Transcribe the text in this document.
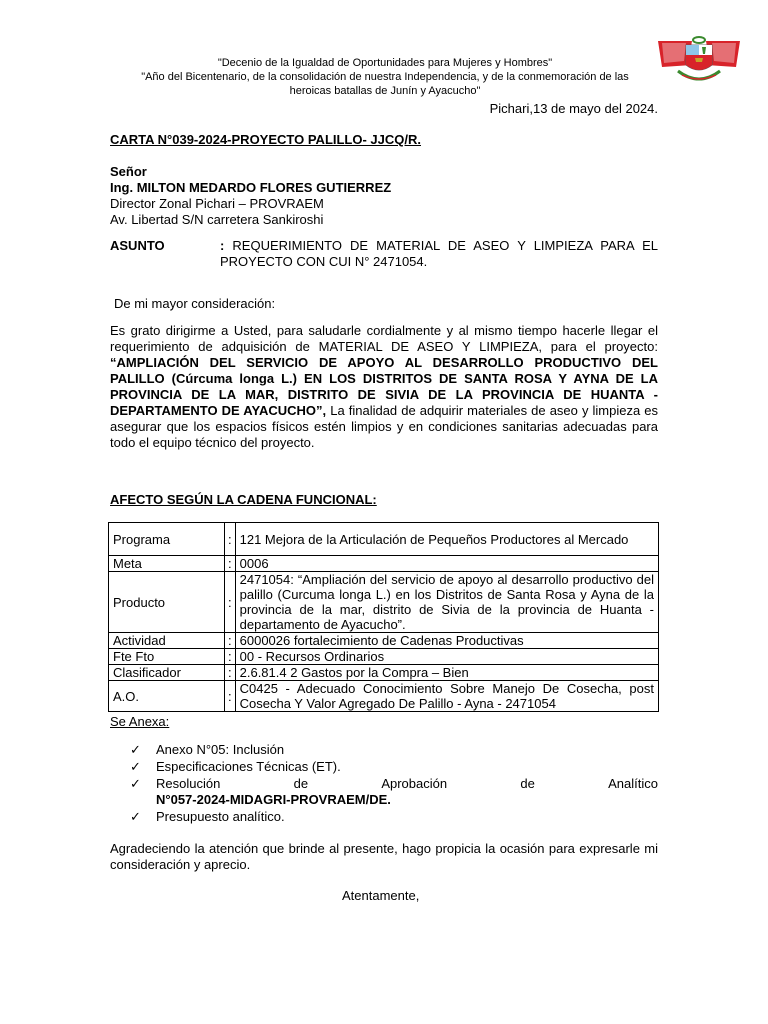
"Decenio de la Igualdad de Oportunidades para Mujeres y Hombres"
"Año del Bicentenario, de la consolidación de nuestra Independencia, y de la conmemoración de las
heroicas batallas de Junín y Ayacucho"
Pichari,13 de mayo del 2024.
CARTA N°039-2024-PROYECTO PALILLO- JJCQ/R.
Señor
Ing. MILTON MEDARDO FLORES GUTIERREZ
Director Zonal Pichari – PROVRAEM
Av. Libertad S/N carretera Sankiroshi
ASUNTO	: REQUERIMIENTO DE MATERIAL DE ASEO Y LIMPIEZA PARA EL PROYECTO CON CUI N° 2471054.
De mi mayor consideración:
Es grato dirigirme a Usted, para saludarle cordialmente y al mismo tiempo hacerle llegar el requerimiento de adquisición de MATERIAL DE ASEO Y LIMPIEZA, para el proyecto: “AMPLIACIÓN DEL SERVICIO DE APOYO AL DESARROLLO PRODUCTIVO DEL PALILLO (Cúrcuma longa L.) EN LOS DISTRITOS DE SANTA ROSA Y AYNA DE LA PROVINCIA DE LA MAR, DISTRITO DE SIVIA DE LA PROVINCIA DE HUANTA - DEPARTAMENTO DE AYACUCHO”, La finalidad de adquirir materiales de aseo y limpieza es asegurar que los espacios físicos estén limpios y en condiciones sanitarias adecuadas para todo el equipo técnico del proyecto.
AFECTO SEGÚN LA CADENA FUNCIONAL:
Programa	:	121 Mejora de la Articulación de Pequeños Productores al Mercado
Meta	:	0006
Producto	:	2471054: “Ampliación del servicio de apoyo al desarrollo productivo del palillo (Curcuma longa L.) en los Distritos de Santa Rosa y Ayna de la provincia de la mar, distrito de Sivia de la provincia de Huanta - departamento de Ayacucho”.
Actividad	:	6000026 fortalecimiento de Cadenas Productivas
Fte Fto	:	00 - Recursos Ordinarios
Clasificador	:	2.6.81.4 2 Gastos por la Compra – Bien
A.O.	:	C0425 - Adecuado Conocimiento Sobre Manejo De Cosecha, post Cosecha Y Valor Agregado De Palillo - Ayna - 2471054
Se Anexa:
✓	Anexo N°05: Inclusión
✓	Especificaciones Técnicas (ET).
✓	Resolución	de	Aprobación	de	Analítico
N°057-2024-MIDAGRI-PROVRAEM/DE.
✓	Presupuesto analítico.
Agradeciendo la atención que brinde al presente, hago propicia la ocasión para expresarle mi consideración y aprecio.
Atentamente,
